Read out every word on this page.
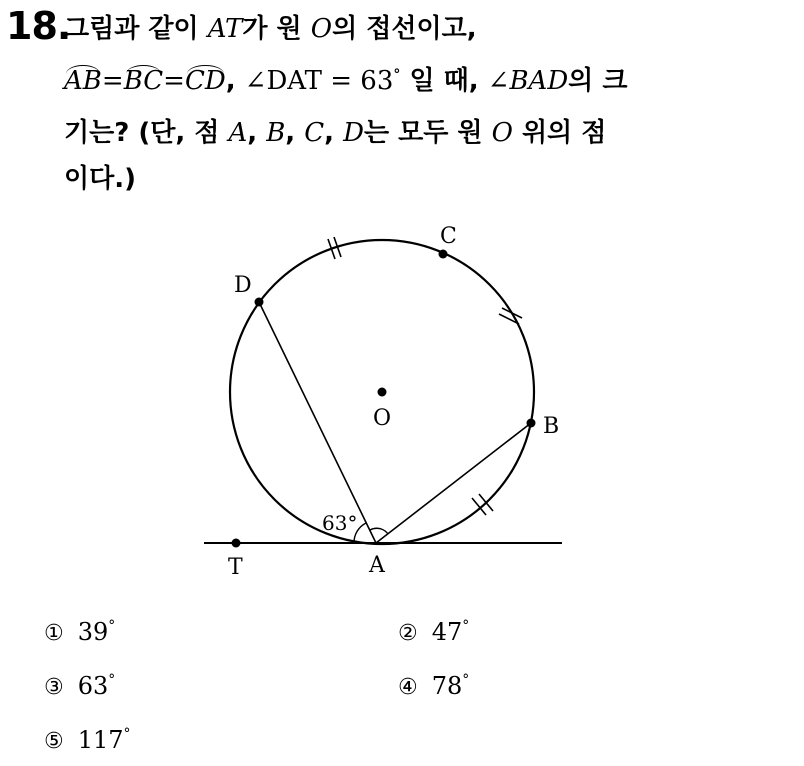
18.
그림과 같이 AT가 원 O의 접선이고,
AB=BC=CD, ∠DAT = 63° 일 때, ∠BAD의 크
기는? (단, 점 A, B, C, D는 모두 원 O 위의 점
이다.)
C
D
O	B
T	A
63°
① 39°	② 47°
③ 63°	④ 78°
⑤ 117°
